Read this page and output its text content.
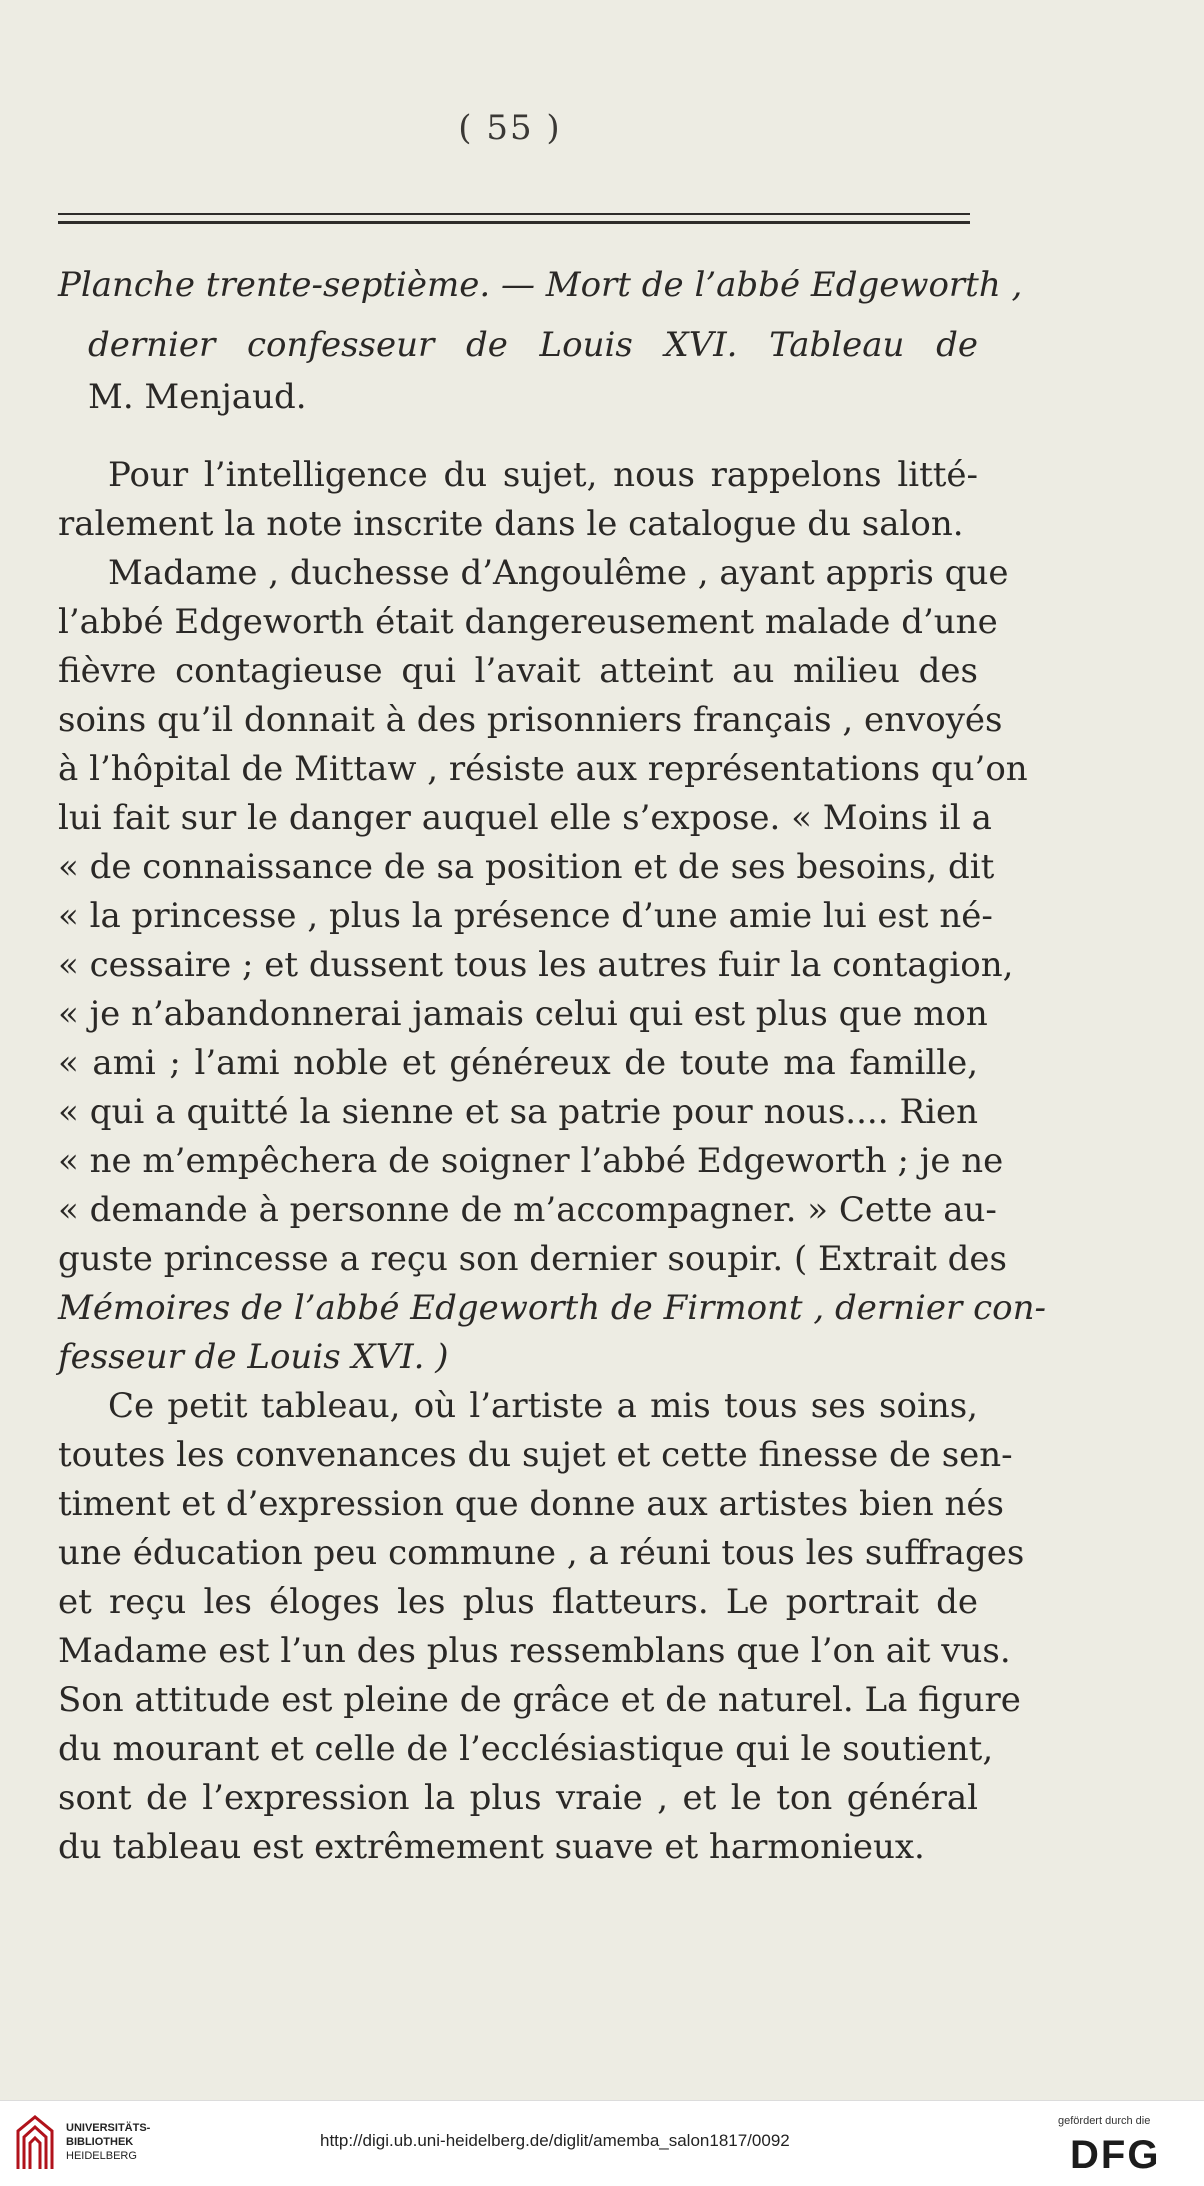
( 55 )
Planche trente-septième. — Mort de l’abbé Edgeworth ,
dernier confesseur de Louis XVI. Tableau de
M. Menjaud.
Pour l’intelligence du sujet, nous rappelons litté-
ralement la note inscrite dans le catalogue du salon.
Madame , duchesse d’Angoulême , ayant appris que
l’abbé Edgeworth était dangereusement malade d’une
fièvre contagieuse qui l’avait atteint au milieu des
soins qu’il donnait à des prisonniers français , envoyés
à l’hôpital de Mittaw , résiste aux représentations qu’on
lui fait sur le danger auquel elle s’expose. « Moins il a
« de connaissance de sa position et de ses besoins, dit
« la princesse , plus la présence d’une amie lui est né-
« cessaire ; et dussent tous les autres fuir la contagion,
« je n’abandonnerai jamais celui qui est plus que mon
« ami ; l’ami noble et généreux de toute ma famille,
« qui a quitté la sienne et sa patrie pour nous.... Rien
« ne m’empêchera de soigner l’abbé Edgeworth ; je ne
« demande à personne de m’accompagner. » Cette au-
guste princesse a reçu son dernier soupir. ( Extrait des
Mémoires de l’abbé Edgeworth de Firmont , dernier con-
fesseur de Louis XVI. )
Ce petit tableau, où l’artiste a mis tous ses soins,
toutes les convenances du sujet et cette finesse de sen-
timent et d’expression que donne aux artistes bien nés
une éducation peu commune , a réuni tous les suffrages
et reçu les éloges les plus flatteurs. Le portrait de
Madame est l’un des plus ressemblans que l’on ait vus.
Son attitude est pleine de grâce et de naturel. La figure
du mourant et celle de l’ecclésiastique qui le soutient,
sont de l’expression la plus vraie , et le ton général
du tableau est extrêmement suave et harmonieux.
UNIVERSITÄTS-
BIBLIOTHEK
HEIDELBERG
http://digi.ub.uni-heidelberg.de/diglit/amemba_salon1817/0092
gefördert durch die
DFG
